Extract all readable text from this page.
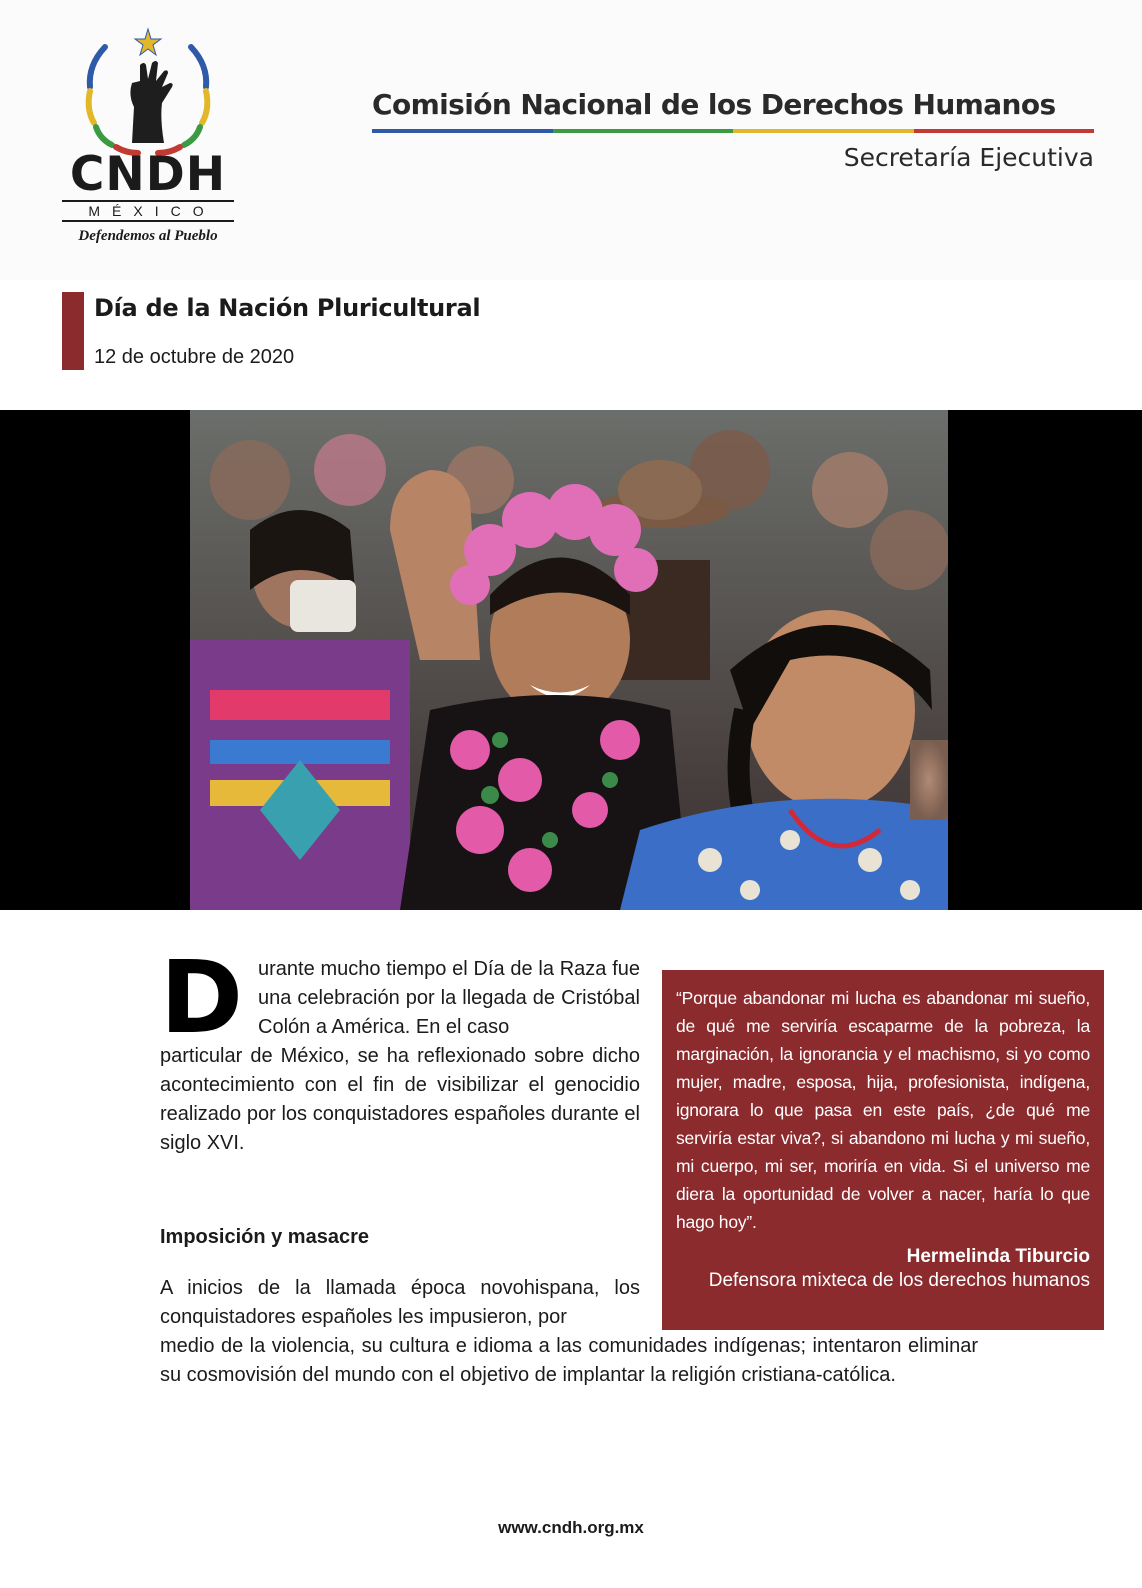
CNDH
MÉXICO
Defendemos al Pueblo
Comisión Nacional de los Derechos Humanos
Secretaría Ejecutiva
Día de la Nación Pluricultural
12 de octubre de 2020
D urante mucho tiempo el Día de la Raza fue una celebración por la llegada de Cristóbal Colón a América. En el caso
particular de México, se ha reflexionado sobre dicho acontecimiento con el fin de visibilizar el genocidio realizado por los conquistadores españoles durante el siglo XVI.
Imposición y masacre
A inicios de la llamada época novohispana, los conquistadores españoles les impusieron, por
medio de la violencia, su cultura e idioma a las comunidades indígenas; intentaron eliminar su cosmovisión del mundo con el objetivo de implantar la religión cristiana-católica.
“Porque abandonar mi lucha es abandonar mi sueño, de qué me serviría escaparme de la pobreza, la marginación, la ignorancia y el machismo, si yo como mujer, madre, esposa, hija, profesionista, indígena, ignorara lo que pasa en este país, ¿de qué me serviría estar viva?, si abandono mi lucha y mi sueño, mi cuerpo, mi ser, moriría en vida. Si el universo me diera la oportunidad de volver a nacer, haría lo que hago hoy”.
Hermelinda Tiburcio
Defensora mixteca de los derechos humanos
www.cndh.org.mx
